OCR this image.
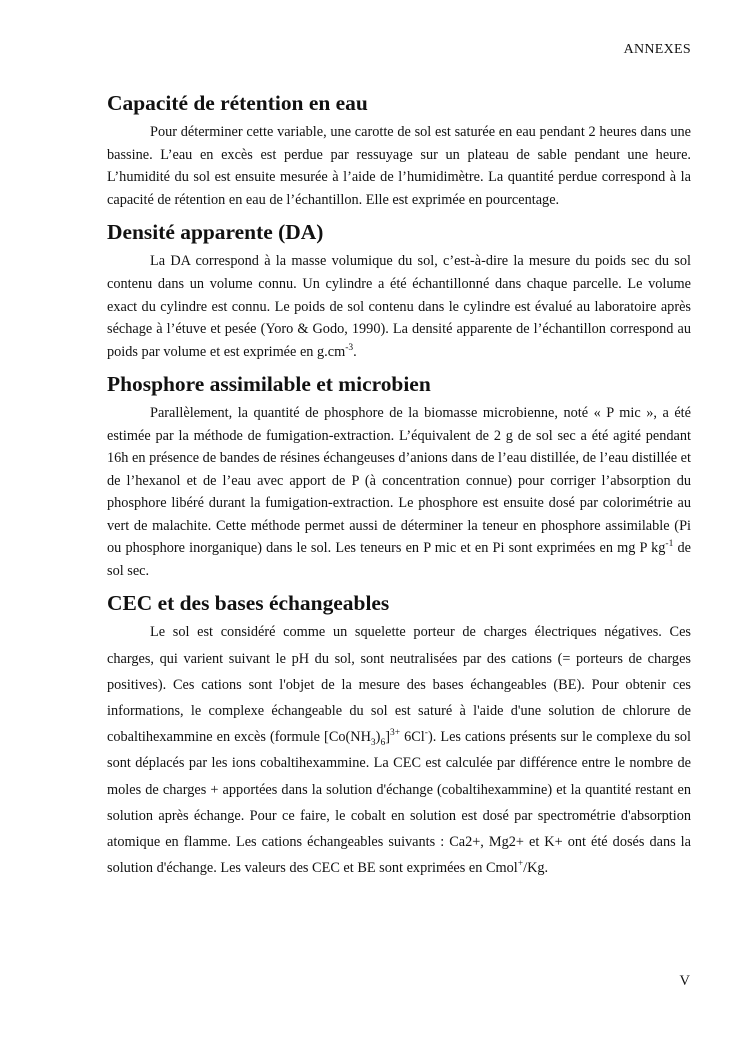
ANNEXES
Capacité de rétention en eau

Pour déterminer cette variable, une carotte de sol est saturée en eau pendant 2 heures dans une bassine. L’eau en excès est perdue par ressuyage sur un plateau de sable pendant une heure. L’humidité du sol est ensuite mesurée à l’aide de l’humidimètre. La quantité perdue correspond à la capacité de rétention en eau de l’échantillon. Elle est exprimée en pourcentage.

Densité apparente (DA)

La DA correspond à la masse volumique du sol, c’est-à-dire la mesure du poids sec du sol contenu dans un volume connu. Un cylindre a été échantillonné dans chaque parcelle. Le volume exact du cylindre est connu. Le poids de sol contenu dans le cylindre est évalué au laboratoire après séchage à l’étuve et pesée (Yoro & Godo, 1990). La densité apparente de l’échantillon correspond au poids par volume et est exprimée en $g.cm^{-3}$.

Phosphore assimilable et microbien

Parallèlement, la quantité de phosphore de la biomasse microbienne, noté « P mic », a été estimée par la méthode de fumigation-extraction. L’équivalent de 2 g de sol sec a été agité pendant 16h en présence de bandes de résines échangeuses d’anions dans de l’eau distillée, de l’eau distillée et de l’hexanol et de l’eau avec apport de P (à concentration connue) pour corriger l’absorption du phosphore libéré durant la fumigation-extraction. Le phosphore est ensuite dosé par colorimétrie au vert de malachite. Cette méthode permet aussi de déterminer la teneur en phosphore assimilable (Pi ou phosphore inorganique) dans le sol. Les teneurs en P mic et en Pi sont exprimées en mg P $kg^{-1}$ de sol sec.

CEC et des bases échangeables

Le sol est considéré comme un squelette porteur de charges électriques négatives. Ces charges, qui varient suivant le pH du sol, sont neutralisées par des cations (= porteurs de charges positives). Ces cations sont l'objet de la mesure des bases échangeables (BE). Pour obtenir ces informations, le complexe échangeable du sol est saturé à l'aide d'une solution de chlorure de cobaltihexammine en excès (formule $[Co(NH_3)_6]^{3+}$ 6Cl-). Les cations présents sur le complexe du sol sont déplacés par les ions cobaltihexammine. La CEC est calculée par différence entre le nombre de moles de charges + apportées dans la solution d'échange (cobaltihexammine) et la quantité restant en solution après échange. Pour ce faire, le cobalt en solution est dosé par spectrométrie d'absorption atomique en flamme. Les cations échangeables suivants : Ca2+, Mg2+ et K+ ont été dosés dans la solution d'échange. Les valeurs des CEC et BE sont exprimées en Cmol+/Kg.

V
